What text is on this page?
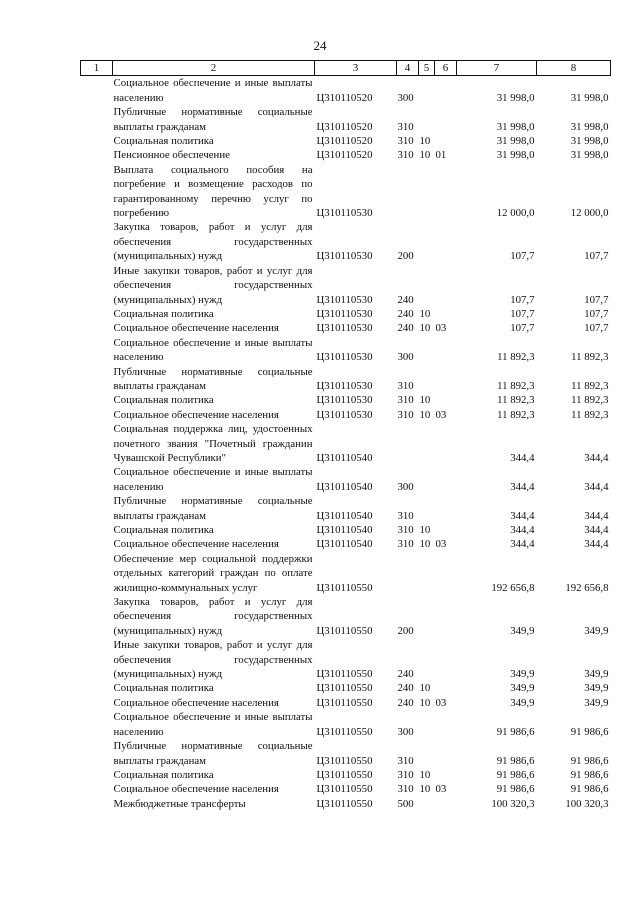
24
1	2	3	4	5	6	7	8
	Социальное обеспечение и иные выплаты населению	Ц310110520	300			31 998,0	31 998,0
	Публичные нормативные социальные выплаты гражданам	Ц310110520	310			31 998,0	31 998,0
	Социальная политика	Ц310110520	310	10		31 998,0	31 998,0
	Пенсионное обеспечение	Ц310110520	310	10	01	31 998,0	31 998,0
	Выплата социального пособия на погребение и возмещение расходов по гарантированному перечню услуг по погребению	Ц310110530				12 000,0	12 000,0
	Закупка товаров, работ и услуг для обеспечения государственных (муниципальных) нужд	Ц310110530	200			107,7	107,7
	Иные закупки товаров, работ и услуг для обеспечения государственных (муниципальных) нужд	Ц310110530	240			107,7	107,7
	Социальная политика	Ц310110530	240	10		107,7	107,7
	Социальное обеспечение населения	Ц310110530	240	10	03	107,7	107,7
	Социальное обеспечение и иные выплаты населению	Ц310110530	300			11 892,3	11 892,3
	Публичные нормативные социальные выплаты гражданам	Ц310110530	310			11 892,3	11 892,3
	Социальная политика	Ц310110530	310	10		11 892,3	11 892,3
	Социальное обеспечение населения	Ц310110530	310	10	03	11 892,3	11 892,3
	Социальная поддержка лиц, удостоенных почетного звания "Почетный гражданин Чувашской Республики"	Ц310110540				344,4	344,4
	Социальное обеспечение и иные выплаты населению	Ц310110540	300			344,4	344,4
	Публичные нормативные социальные выплаты гражданам	Ц310110540	310			344,4	344,4
	Социальная политика	Ц310110540	310	10		344,4	344,4
	Социальное обеспечение населения	Ц310110540	310	10	03	344,4	344,4
	Обеспечение мер социальной поддержки отдельных категорий граждан по оплате жилищно-коммунальных услуг	Ц310110550				192 656,8	192 656,8
	Закупка товаров, работ и услуг для обеспечения государственных (муниципальных) нужд	Ц310110550	200			349,9	349,9
	Иные закупки товаров, работ и услуг для обеспечения государственных (муниципальных) нужд	Ц310110550	240			349,9	349,9
	Социальная политика	Ц310110550	240	10		349,9	349,9
	Социальное обеспечение населения	Ц310110550	240	10	03	349,9	349,9
	Социальное обеспечение и иные выплаты населению	Ц310110550	300			91 986,6	91 986,6
	Публичные нормативные социальные выплаты гражданам	Ц310110550	310			91 986,6	91 986,6
	Социальная политика	Ц310110550	310	10		91 986,6	91 986,6
	Социальное обеспечение населения	Ц310110550	310	10	03	91 986,6	91 986,6
	Межбюджетные трансферты	Ц310110550	500			100 320,3	100 320,3
